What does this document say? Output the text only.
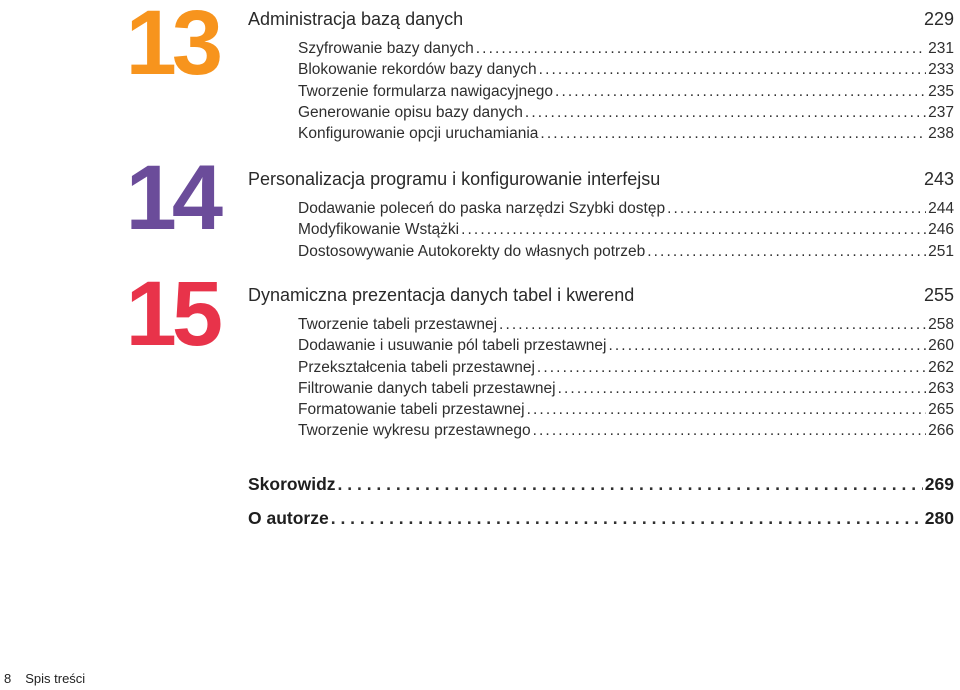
13 Administracja bazą danych	229
Szyfrowanie bazy danych . . .	231
Blokowanie rekordów bazy danych . . .	233
Tworzenie formularza nawigacyjnego . . .	235
Generowanie opisu bazy danych . . .	237
Konfigurowanie opcji uruchamiania . . .	238
14 Personalizacja programu i konfigurowanie interfejsu	243
Dodawanie poleceń do paska narzędzi Szybki dostęp . . .	244
Modyfikowanie Wstążki . . .	246
Dostosowywanie Autokorekty do własnych potrzeb . . .	251
15 Dynamiczna prezentacja danych tabel i kwerend	255
Tworzenie tabeli przestawnej . . .	258
Dodawanie i usuwanie pól tabeli przestawnej . . .	260
Przekształcenia tabeli przestawnej . . .	262
Filtrowanie danych tabeli przestawnej . . .	263
Formatowanie tabeli przestawnej . . .	265
Tworzenie wykresu przestawnego . . .	266
Skorowidz . . .	269
O autorze . . .	280
8 Spis treści
